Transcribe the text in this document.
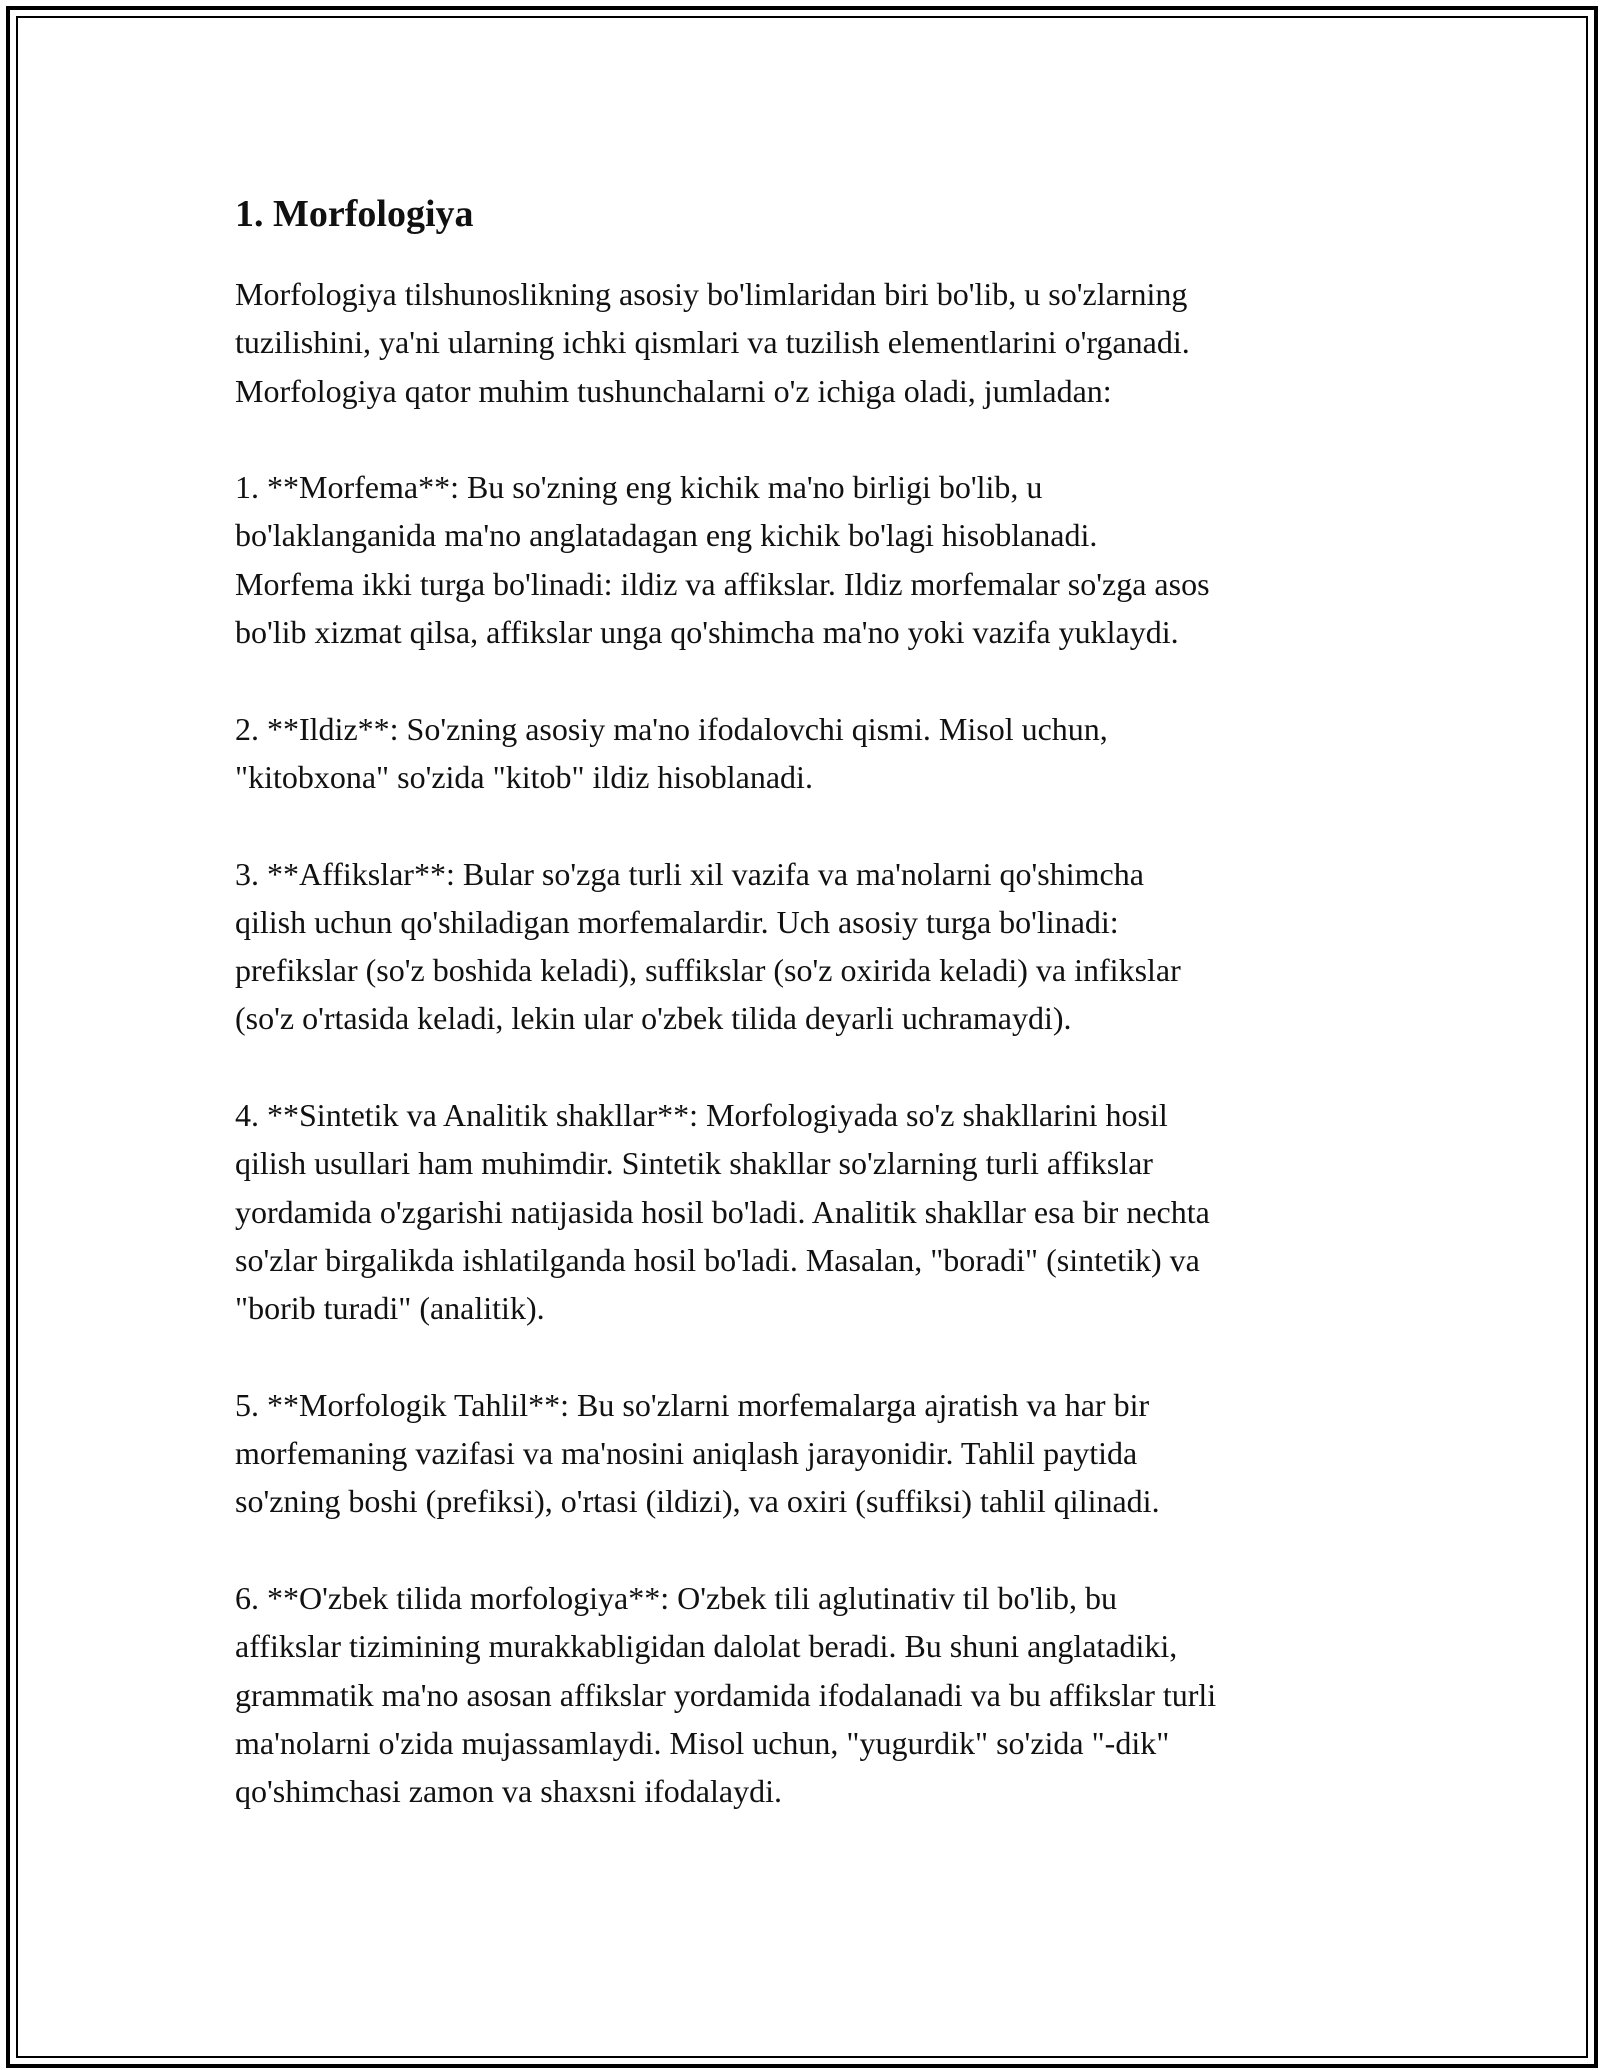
1. Morfologiya

Morfologiya tilshunoslikning asosiy bo'limlaridan biri bo'lib, u so'zlarning
tuzilishini, ya'ni ularning ichki qismlari va tuzilish elementlarini o'rganadi.
Morfologiya qator muhim tushunchalarni o'z ichiga oladi, jumladan:

1. **Morfema**: Bu so'zning eng kichik ma'no birligi bo'lib, u
bo'laklanganida ma'no anglatadagan eng kichik bo'lagi hisoblanadi.
Morfema ikki turga bo'linadi: ildiz va affikslar. Ildiz morfemalar so'zga asos
bo'lib xizmat qilsa, affikslar unga qo'shimcha ma'no yoki vazifa yuklaydi.

2. **Ildiz**: So'zning asosiy ma'no ifodalovchi qismi. Misol uchun,
"kitobxona" so'zida "kitob" ildiz hisoblanadi.

3. **Affikslar**: Bular so'zga turli xil vazifa va ma'nolarni qo'shimcha
qilish uchun qo'shiladigan morfemalardir. Uch asosiy turga bo'linadi:
prefikslar (so'z boshida keladi), suffikslar (so'z oxirida keladi) va infikslar
(so'z o'rtasida keladi, lekin ular o'zbek tilida deyarli uchramaydi).

4. **Sintetik va Analitik shakllar**: Morfologiyada so'z shakllarini hosil
qilish usullari ham muhimdir. Sintetik shakllar so'zlarning turli affikslar
yordamida o'zgarishi natijasida hosil bo'ladi. Analitik shakllar esa bir nechta
so'zlar birgalikda ishlatilganda hosil bo'ladi. Masalan, "boradi" (sintetik) va
"borib turadi" (analitik).

5. **Morfologik Tahlil**: Bu so'zlarni morfemalarga ajratish va har bir
morfemaning vazifasi va ma'nosini aniqlash jarayonidir. Tahlil paytida
so'zning boshi (prefiksi), o'rtasi (ildizi), va oxiri (suffiksi) tahlil qilinadi.

6. **O'zbek tilida morfologiya**: O'zbek tili aglutinativ til bo'lib, bu
affikslar tizimining murakkabligidan dalolat beradi. Bu shuni anglatadiki,
grammatik ma'no asosan affikslar yordamida ifodalanadi va bu affikslar turli
ma'nolarni o'zida mujassamlaydi. Misol uchun, "yugurdik" so'zida "-dik"
qo'shimchasi zamon va shaxsni ifodalaydi.
